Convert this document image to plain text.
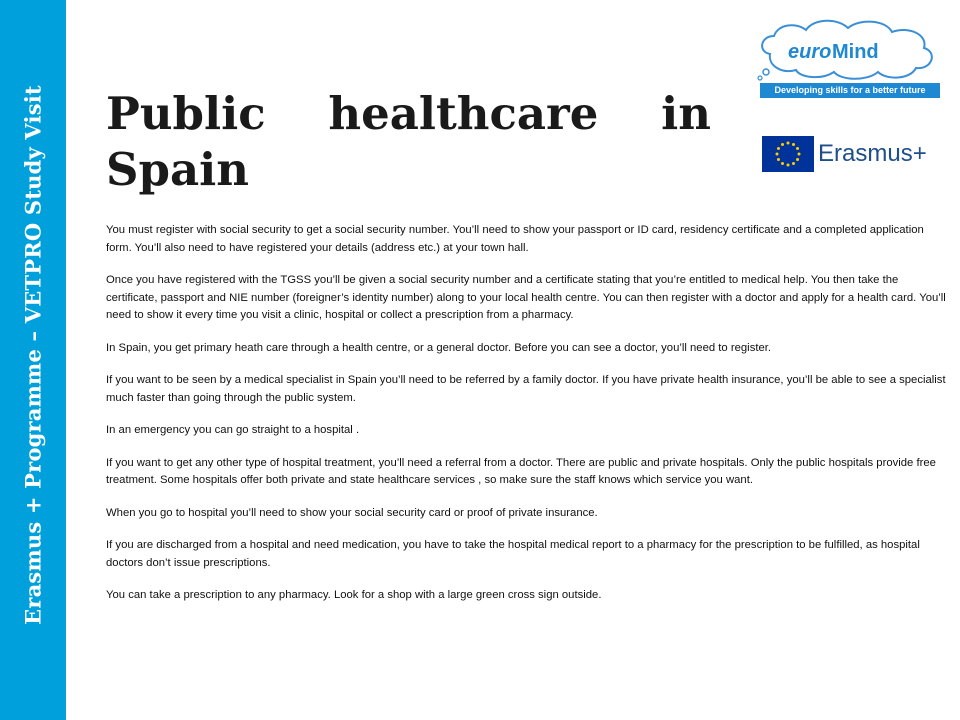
Erasmus + Programme – VETPRO Study Visit
euro Mind
Developing skills for a better future
Erasmus+
Public healthcare in Spain

You must register with social security to get a social security number. You’ll need to show your passport or ID card, residency certificate and a completed application form. You’ll also need to have registered your details (address etc.) at your town hall.

Once you have registered with the TGSS you’ll be given a social security number and a certificate stating that you’re entitled to medical help. You then take the certificate, passport and NIE number (foreigner’s identity number) along to your local health centre. You can then register with a doctor and apply for a health card. You’ll need to show it every time you visit a clinic, hospital or collect a prescription from a pharmacy.

In Spain, you get primary heath care through a health centre, or a general doctor. Before you can see a doctor, you’ll need to register.

If you want to be seen by a medical specialist in Spain you’ll need to be referred by a family doctor. If you have private health insurance, you’ll be able to see a specialist much faster than going through the public system.

In an emergency you can go straight to a hospital .

If you want to get any other type of hospital treatment, you’ll need a referral from a doctor. There are public and private hospitals. Only the public hospitals provide free treatment. Some hospitals offer both private and state healthcare services , so make sure the staff knows which service you want.

When you go to hospital you’ll need to show your social security card or proof of private insurance.

If you are discharged from a hospital and need medication, you have to take the hospital medical report to a pharmacy for the prescription to be fulfilled, as hospital doctors don’t issue prescriptions.

You can take a prescription to any pharmacy. Look for a shop with a large green cross sign outside.
